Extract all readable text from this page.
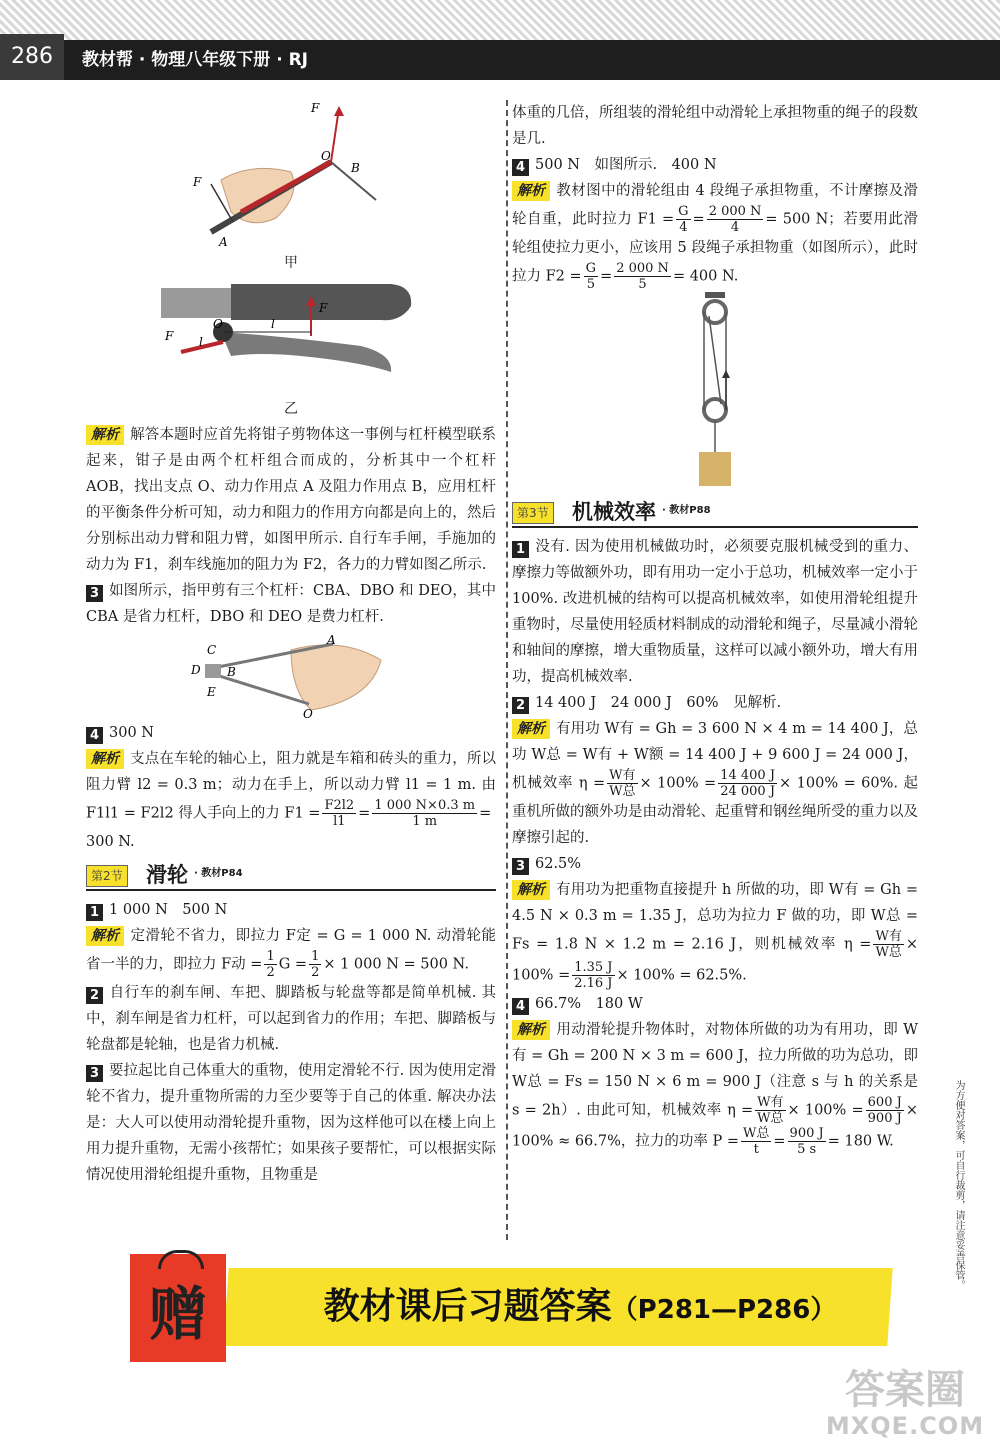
286	教材帮 · 物理八年级下册 · RJ
F
F
A
B
O

甲

F
F
O	l
l

乙

解析 解答本题时应首先将钳子剪物体这一事例与杠杆模型联系起来，钳子是由两个杠杆组合而成的，分析其中一个杠杆 AOB，找出支点 O、动力作用点 A 及阻力作用点 B，应用杠杆的平衡条件分析可知，动力和阻力的作用方向都是向上的，然后分别标出动力臂和阻力臂，如图甲所示. 自行车手闸，手施加的动力为 F1，刹车线施加的阻力为 F2，各力的力臂如图乙所示.

3 如图所示，指甲剪有三个杠杆：CBA、DBO 和 DEO，其中 CBA 是省力杠杆，DBO 和 DEO 是费力杠杆.

C
D B
E
A
O

4 300 N

解析 支点在车轮的轴心上，阻力就是车箱和砖头的重力，所以阻力臂 l2 = 0.3 m；动力在手上，所以动力臂 l1 = 1 m. 由F1l1 = F2l2 得人手向上的力 $F1 = \frac{F2l2}{l1} = \frac{1 000 N\times 0.3 m}{1 m}$ =

300 N.

第2节 滑轮 · 教材P84

1 1 000 N　500 N

解析 定滑轮不省力，即拉力 F定 = G = 1 000 N. 动滑轮能省一半的力，即拉力 F动 = $\frac{1}{2}$ $G = \frac{1}{2} \times 1$ 000 N = 500 N.

2 自行车的刹车闸、车把、脚踏板与轮盘等都是简单机械. 其中，刹车闸是省力杠杆，可以起到省力的作用；车把、脚踏板与轮盘都是轮轴，也是省力机械.

3 要拉起比自己体重大的重物，使用定滑轮不行. 因为使用定滑轮不省力，提升重物所需的力至少要等于自己的体重. 解决办法是：大人可以使用动滑轮提升重物，因为这样他可以在楼上向上用力提升重物，无需小孩帮忙；如果孩子要帮忙，可以根据实际情况使用滑轮组提升重物，且物重是

体重的几倍，所组装的滑轮组中动滑轮上承担物重的绳子的段数是几.

4 500 N　如图所示.　400 N

解析 教材图中的滑轮组由 4 段绳子承担物重，不计摩擦及滑轮自重，此时拉力 $F1 = \frac{G}{4} = \frac{2 000 N}{4} = 500$ N；若要用此滑轮组使拉力更小，应该用 5 段绳子承担物重（如图所示），此时拉力 $F2 = \frac{G}{5} = \frac{2 000 N}{5} = 400$ N.

第3节 机械效率 · 教材P88

1 没有. 因为使用机械做功时，必须要克服机械受到的重力、摩擦力等做额外功，即有用功一定小于总功，机械效率一定小于 100%. 改进机械的结构可以提高机械效率，如使用滑轮组提升重物时，尽量使用轻质材料制成的动滑轮和绳子，尽量减小滑轮和轴间的摩擦，增大重物质量，这样可以减小额外功，增大有用功，提高机械效率.

2 14 400 J　24 000 J　60%　见解析.

解析 有用功 W有 = Gh = 3 600 N × 4 m = 14 400 J，总功 W总 = W有 + W额 = 14 400 J + 9 600 J = 24 000 J，机械效率 $\eta = \frac{\text{W有}}{\text{W总}} \times 100\% = \frac{14 400 J}{24 000 J} \times 100\% = 60\%$. 起重机所做的额外功是由动滑轮、起重臂和钢丝绳所受的重力以及摩擦引起的.

3 62.5%

解析 有用功为把重物直接提升 h 所做的功，即 W有 = Gh = 4.5 N × 0.3 m = 1.35 J，总功为拉力 F 做的功，即 W总 = Fs = 1.8 N × 1.2 m = 2.16 J，则机械效率 $\eta = \frac{\text{W有}}{\text{W总}} \times 100\% = \frac{1.35 J}{2.16 J} \times 100\% = 62.5\%$.

4 66.7%　180 W

解析 用动滑轮提升物体时，对物体所做的功为有用功，即 W有 = Gh = 200 N × 3 m = 600 J，拉力所做的功为总功，即 W总 = Fs = 150 N × 6 m = 900 J（注意 s 与 h 的关系是 s = 2h）. 由此可知，机械效率 $\eta = \frac{\text{W有}}{\text{W总}} \times 100\% = \frac{600 J}{900 J} \times 100\% \approx 66.7\%$，拉力的功率 $P = \frac{\text{W总}}{t} = \frac{900 J}{5 s} = 180$ W.	为方便对答案，可自行裁剪，请注意妥善保管。
赠	教材课后习题答案（P281—P286）
答案圈
MXQE.COM
